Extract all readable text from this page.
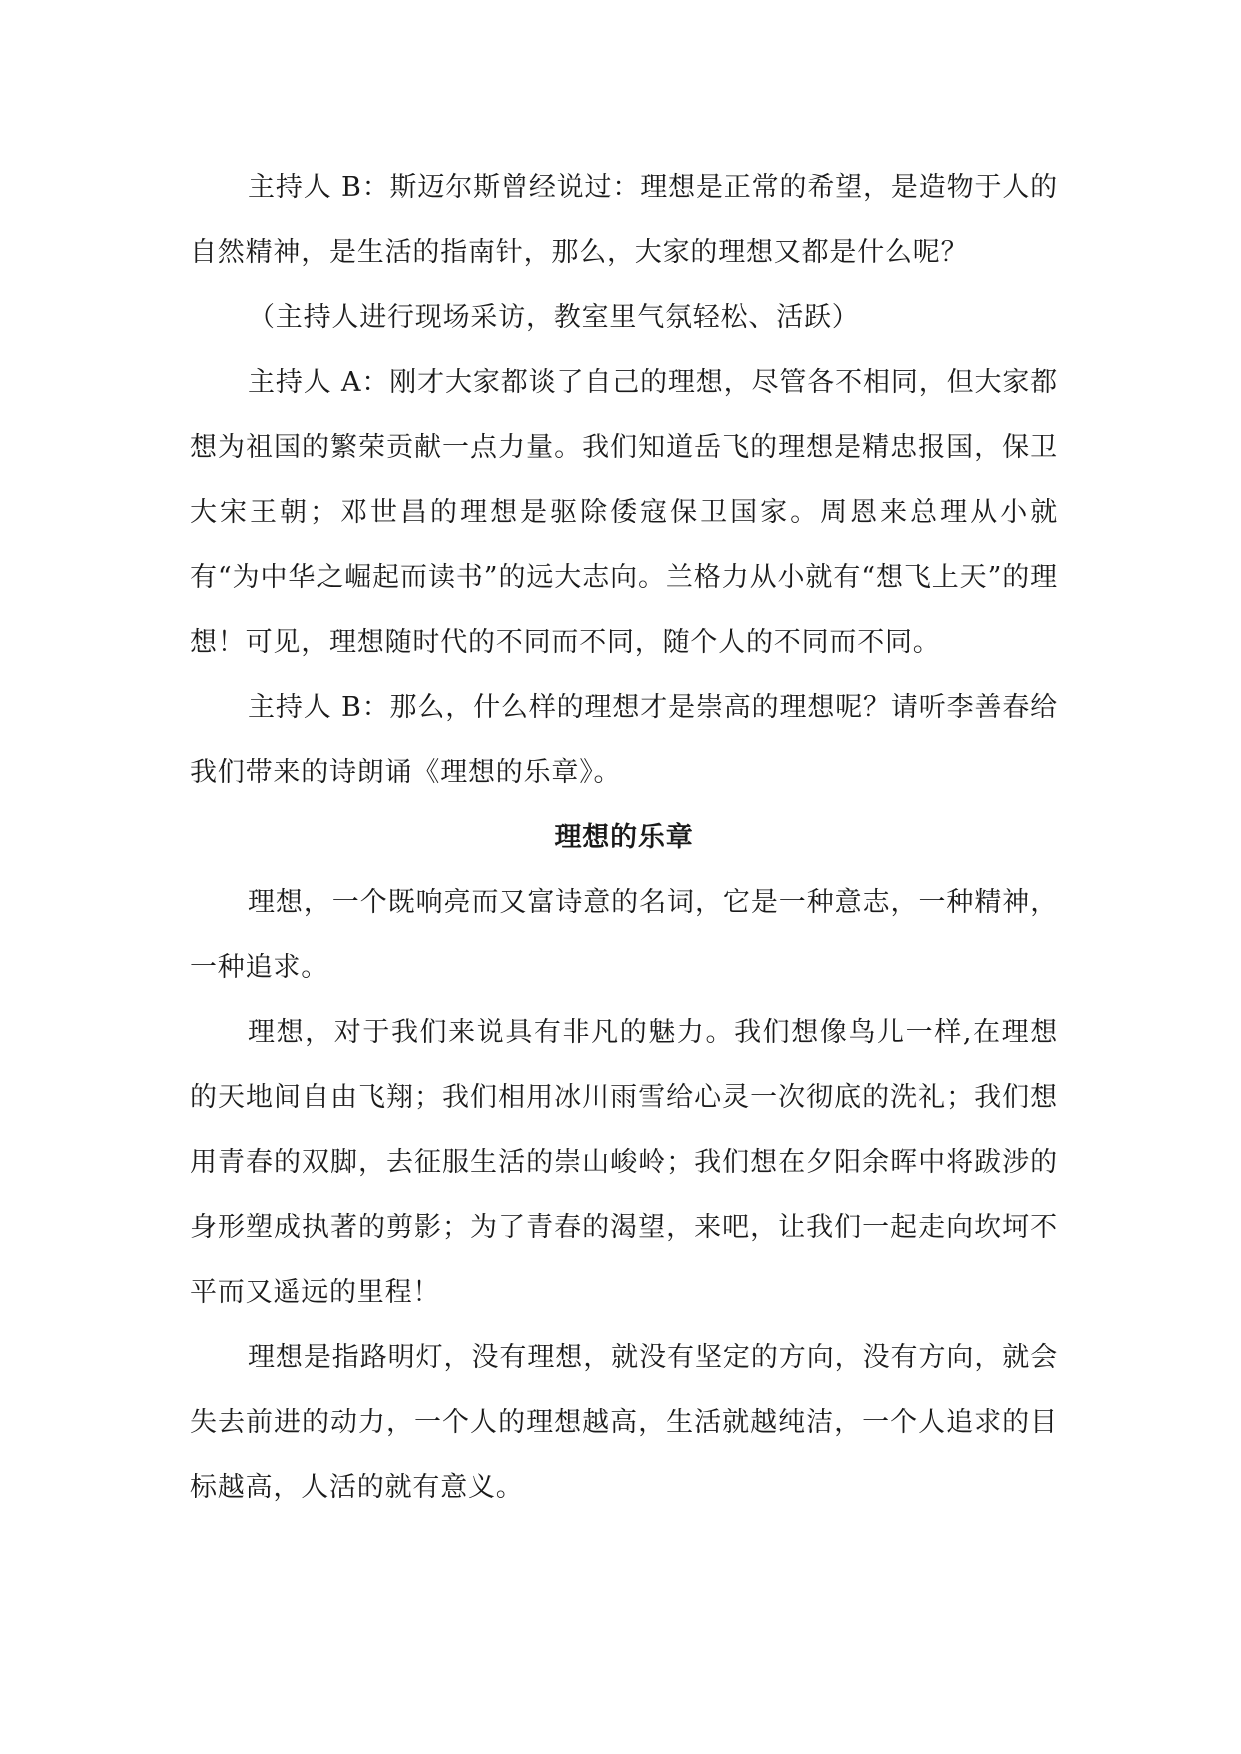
主持人 B：斯迈尔斯曾经说过：理想是正常的希望，是造物于人的自然精神，是生活的指南针，那么，大家的理想又都是什么呢？

（主持人进行现场采访，教室里气氛轻松、活跃）

主持人 A：刚才大家都谈了自己的理想，尽管各不相同，但大家都想为祖国的繁荣贡献一点力量。我们知道岳飞的理想是精忠报国，保卫大宋王朝；邓世昌的理想是驱除倭寇保卫国家。周恩来总理从小就有“为中华之崛起而读书”的远大志向。兰格力从小就有“想飞上天”的理想！可见，理想随时代的不同而不同，随个人的不同而不同。

主持人 B：那么，什么样的理想才是崇高的理想呢？请听李善春给我们带来的诗朗诵《理想的乐章》。

理想的乐章

理想，一个既响亮而又富诗意的名词，它是一种意志，一种精神，一种追求。

理想，对于我们来说具有非凡的魅力。我们想像鸟儿一样,在理想的天地间自由飞翔；我们相用冰川雨雪给心灵一次彻底的洗礼；我们想用青春的双脚，去征服生活的崇山峻岭；我们想在夕阳余晖中将跋涉的身形塑成执著的剪影；为了青春的渴望，来吧，让我们一起走向坎坷不平而又遥远的里程！

理想是指路明灯，没有理想，就没有坚定的方向，没有方向，就会失去前进的动力，一个人的理想越高，生活就越纯洁，一个人追求的目标越高，人活的就有意义。
